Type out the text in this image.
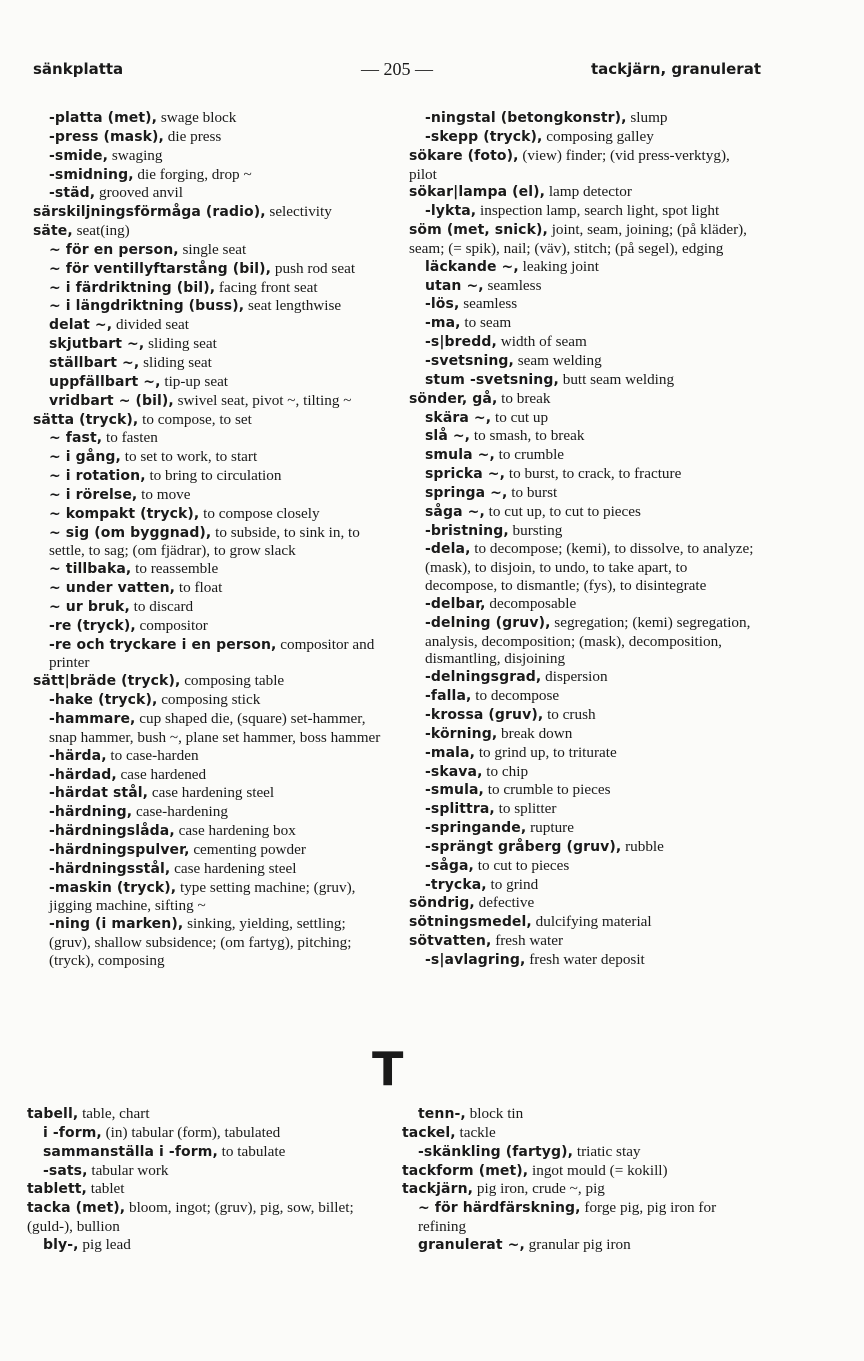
sänkplatta	— 205 —	tackjärn, granulerat
-platta (met), swage block
-press (mask), die press
-smide, swaging
-smidning, die forging, drop ~
-städ, grooved anvil
särskiljningsförmåga (radio), selectivity
säte, seat(ing)
~ för en person, single seat
~ för ventillyftarstång (bil), push rod seat
~ i färdriktning (bil), facing front seat
~ i längdriktning (buss), seat lengthwise
delat ~, divided seat
skjutbart ~, sliding seat
ställbart ~, sliding seat
uppfällbart ~, tip-up seat
vridbart ~ (bil), swivel seat, pivot ~, tilting ~
sätta (tryck), to compose, to set
~ fast, to fasten
~ i gång, to set to work, to start
~ i rotation, to bring to circulation
~ i rörelse, to move
~ kompakt (tryck), to compose closely
~ sig (om byggnad), to subside, to sink in, to settle, to sag; (om fjädrar), to grow slack
~ tillbaka, to reassemble
~ under vatten, to float
~ ur bruk, to discard
-re (tryck), compositor
-re och tryckare i en person, compositor and printer
sätt|bräde (tryck), composing table
-hake (tryck), composing stick
-hammare, cup shaped die, (square) set-hammer, snap hammer, bush ~, plane set hammer, boss hammer
-härda, to case-harden
-härdad, case hardened
-härdat stål, case hardening steel
-härdning, case-hardening
-härdningslåda, case hardening box
-härdningspulver, cementing powder
-härdningsstål, case hardening steel
-maskin (tryck), type setting machine; (gruv), jigging machine, sifting ~
-ning (i marken), sinking, yielding, settling; (gruv), shallow subsidence; (om fartyg), pitching; (tryck), composing
-ningstal (betongkonstr), slump
-skepp (tryck), composing galley
sökare (foto), (view) finder; (vid press-verktyg), pilot
sökar|lampa (el), lamp detector
-lykta, inspection lamp, search light, spot light
söm (met, snick), joint, seam, joining; (på kläder), seam; (= spik), nail; (väv), stitch; (på segel), edging
läckande ~, leaking joint
utan ~, seamless
-lös, seamless
-ma, to seam
-s|bredd, width of seam
-svetsning, seam welding
stum -svetsning, butt seam welding
sönder, gå, to break
skära ~, to cut up
slå ~, to smash, to break
smula ~, to crumble
spricka ~, to burst, to crack, to fracture
springa ~, to burst
såga ~, to cut up, to cut to pieces
-bristning, bursting
-dela, to decompose; (kemi), to dissolve, to analyze; (mask), to disjoin, to undo, to take apart, to decompose, to dismantle; (fys), to disintegrate
-delbar, decomposable
-delning (gruv), segregation; (kemi) segregation, analysis, decomposition; (mask), decomposition, dismantling, disjoining
-delningsgrad, dispersion
-falla, to decompose
-krossa (gruv), to crush
-körning, break down
-mala, to grind up, to triturate
-skava, to chip
-smula, to crumble to pieces
-splittra, to splitter
-springande, rupture
-sprängt gråberg (gruv), rubble
-såga, to cut to pieces
-trycka, to grind
söndrig, defective
sötningsmedel, dulcifying material
sötvatten, fresh water
-s|avlagring, fresh water deposit
T
tabell, table, chart
i -form, (in) tabular (form), tabulated
sammanställa i -form, to tabulate
-sats, tabular work
tablett, tablet
tacka (met), bloom, ingot; (gruv), pig, sow, billet; (guld-), bullion
bly-, pig lead
tenn-, block tin
tackel, tackle
-skänkling (fartyg), triatic stay
tackform (met), ingot mould (= kokill)
tackjärn, pig iron, crude ~, pig
~ för härdfärskning, forge pig, pig iron for refining
granulerat ~, granular pig iron
